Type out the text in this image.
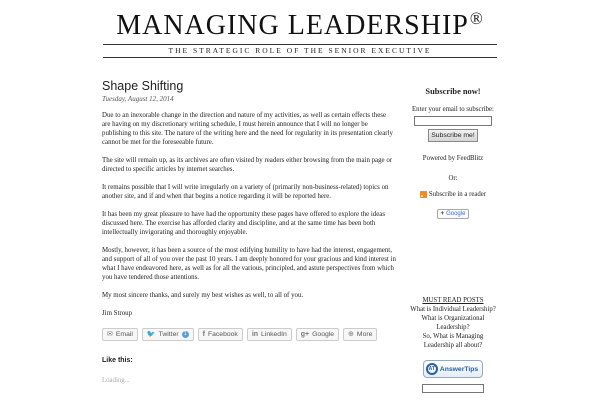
MANAGING LEADERSHIP®
THE STRATEGIC ROLE OF THE SENIOR EXECUTIVE
Shape Shifting
Tuesday, August 12, 2014

Due to an inexorable change in the direction and nature of my activities, as well as certain effects these are having on my discretionary writing schedule, I must herein announce that I will no longer be publishing to this site. The nature of the writing here and the need for regularity in its presentation clearly cannot be met for the foreseeable future.

The site will remain up, as its archives are often visited by readers either browsing from the main page or directed to specific articles by internet searches.

It remains possible that I will write irregularly on a variety of (primarily non-business-related) topics on another site, and if and when that begins a notice regarding it will be reported here.

It has been my great pleasure to have had the opportunity these pages have offered to explore the ideas discussed here. The exercise has afforded clarity and discipline, and at the same time has been both intellectually invigorating and thoroughly enjoyable.

Mostly, however, it has been a source of the most edifying humility to have had the interest, engagement, and support of all of you over the past 10 years. I am deeply honored for your gracious and kind interest in what I have endeavored here, as well as for all the various, principled, and astute perspectives from which you have tendered those attentions.

My most sincere thanks, and surely my best wishes as well, to all of you.

Jim Stroup
✉ Email 🐦 Twitter	1	f Facebook in LinkedIn g+ Google ⊕ More
Like this:
Loading...
Subscribe now!
Enter your email to subscribe:
Subscribe me!
Powered by FeedBlitz
Or:
Subscribe in a reader
+ Google
MUST READ POSTS
What is Individual Leadership?
What is Organizational
Leadership?
So, What is Managing
Leadership all about?
AT AnswerTips
